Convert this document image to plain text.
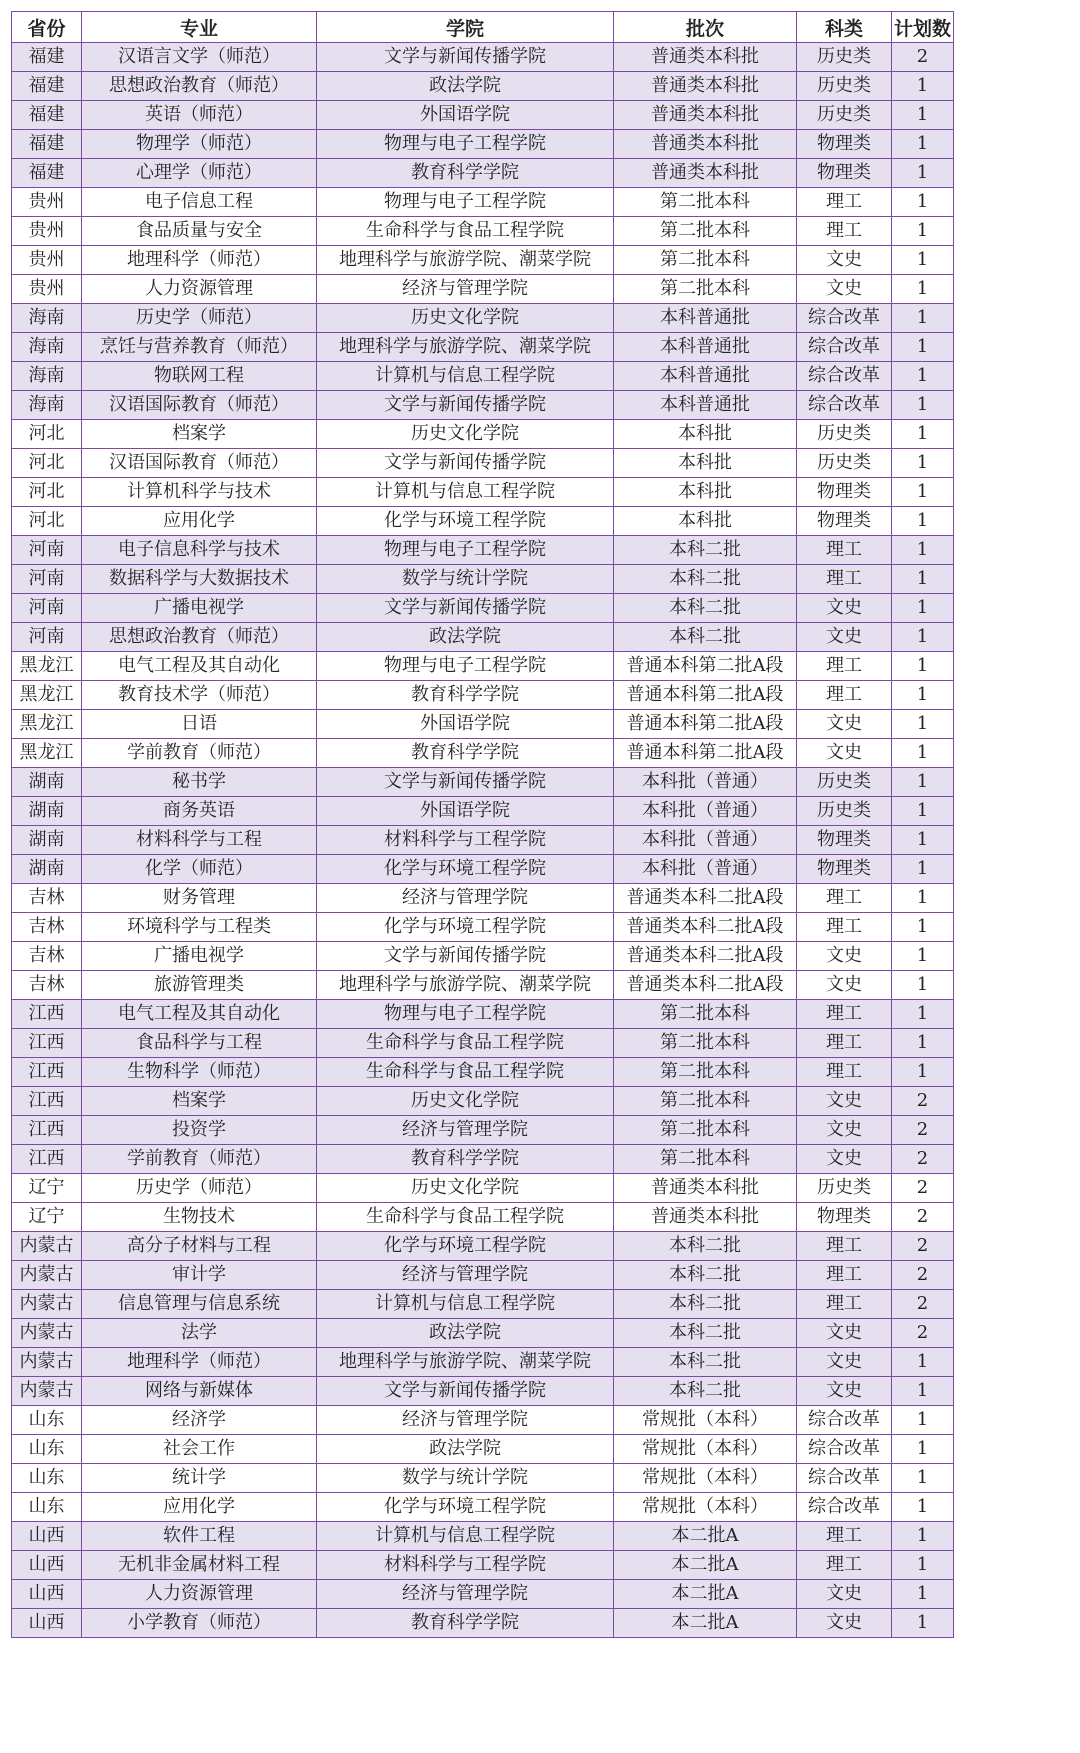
省份	专业	学院	批次	科类	计划数
福建	汉语言文学（师范）	文学与新闻传播学院	普通类本科批	历史类	2
福建	思想政治教育（师范）	政法学院	普通类本科批	历史类	1
福建	英语（师范）	外国语学院	普通类本科批	历史类	1
福建	物理学（师范）	物理与电子工程学院	普通类本科批	物理类	1
福建	心理学（师范）	教育科学学院	普通类本科批	物理类	1
贵州	电子信息工程	物理与电子工程学院	第二批本科	理工	1
贵州	食品质量与安全	生命科学与食品工程学院	第二批本科	理工	1
贵州	地理科学（师范）	地理科学与旅游学院、潮菜学院	第二批本科	文史	1
贵州	人力资源管理	经济与管理学院	第二批本科	文史	1
海南	历史学（师范）	历史文化学院	本科普通批	综合改革	1
海南	烹饪与营养教育（师范）	地理科学与旅游学院、潮菜学院	本科普通批	综合改革	1
海南	物联网工程	计算机与信息工程学院	本科普通批	综合改革	1
海南	汉语国际教育（师范）	文学与新闻传播学院	本科普通批	综合改革	1
河北	档案学	历史文化学院	本科批	历史类	1
河北	汉语国际教育（师范）	文学与新闻传播学院	本科批	历史类	1
河北	计算机科学与技术	计算机与信息工程学院	本科批	物理类	1
河北	应用化学	化学与环境工程学院	本科批	物理类	1
河南	电子信息科学与技术	物理与电子工程学院	本科二批	理工	1
河南	数据科学与大数据技术	数学与统计学院	本科二批	理工	1
河南	广播电视学	文学与新闻传播学院	本科二批	文史	1
河南	思想政治教育（师范）	政法学院	本科二批	文史	1
黑龙江	电气工程及其自动化	物理与电子工程学院	普通本科第二批A段	理工	1
黑龙江	教育技术学（师范）	教育科学学院	普通本科第二批A段	理工	1
黑龙江	日语	外国语学院	普通本科第二批A段	文史	1
黑龙江	学前教育（师范）	教育科学学院	普通本科第二批A段	文史	1
湖南	秘书学	文学与新闻传播学院	本科批（普通）	历史类	1
湖南	商务英语	外国语学院	本科批（普通）	历史类	1
湖南	材料科学与工程	材料科学与工程学院	本科批（普通）	物理类	1
湖南	化学（师范）	化学与环境工程学院	本科批（普通）	物理类	1
吉林	财务管理	经济与管理学院	普通类本科二批A段	理工	1
吉林	环境科学与工程类	化学与环境工程学院	普通类本科二批A段	理工	1
吉林	广播电视学	文学与新闻传播学院	普通类本科二批A段	文史	1
吉林	旅游管理类	地理科学与旅游学院、潮菜学院	普通类本科二批A段	文史	1
江西	电气工程及其自动化	物理与电子工程学院	第二批本科	理工	1
江西	食品科学与工程	生命科学与食品工程学院	第二批本科	理工	1
江西	生物科学（师范）	生命科学与食品工程学院	第二批本科	理工	1
江西	档案学	历史文化学院	第二批本科	文史	2
江西	投资学	经济与管理学院	第二批本科	文史	2
江西	学前教育（师范）	教育科学学院	第二批本科	文史	2
辽宁	历史学（师范）	历史文化学院	普通类本科批	历史类	2
辽宁	生物技术	生命科学与食品工程学院	普通类本科批	物理类	2
内蒙古	高分子材料与工程	化学与环境工程学院	本科二批	理工	2
内蒙古	审计学	经济与管理学院	本科二批	理工	2
内蒙古	信息管理与信息系统	计算机与信息工程学院	本科二批	理工	2
内蒙古	法学	政法学院	本科二批	文史	2
内蒙古	地理科学（师范）	地理科学与旅游学院、潮菜学院	本科二批	文史	1
内蒙古	网络与新媒体	文学与新闻传播学院	本科二批	文史	1
山东	经济学	经济与管理学院	常规批（本科）	综合改革	1
山东	社会工作	政法学院	常规批（本科）	综合改革	1
山东	统计学	数学与统计学院	常规批（本科）	综合改革	1
山东	应用化学	化学与环境工程学院	常规批（本科）	综合改革	1
山西	软件工程	计算机与信息工程学院	本二批A	理工	1
山西	无机非金属材料工程	材料科学与工程学院	本二批A	理工	1
山西	人力资源管理	经济与管理学院	本二批A	文史	1
山西	小学教育（师范）	教育科学学院	本二批A	文史	1
